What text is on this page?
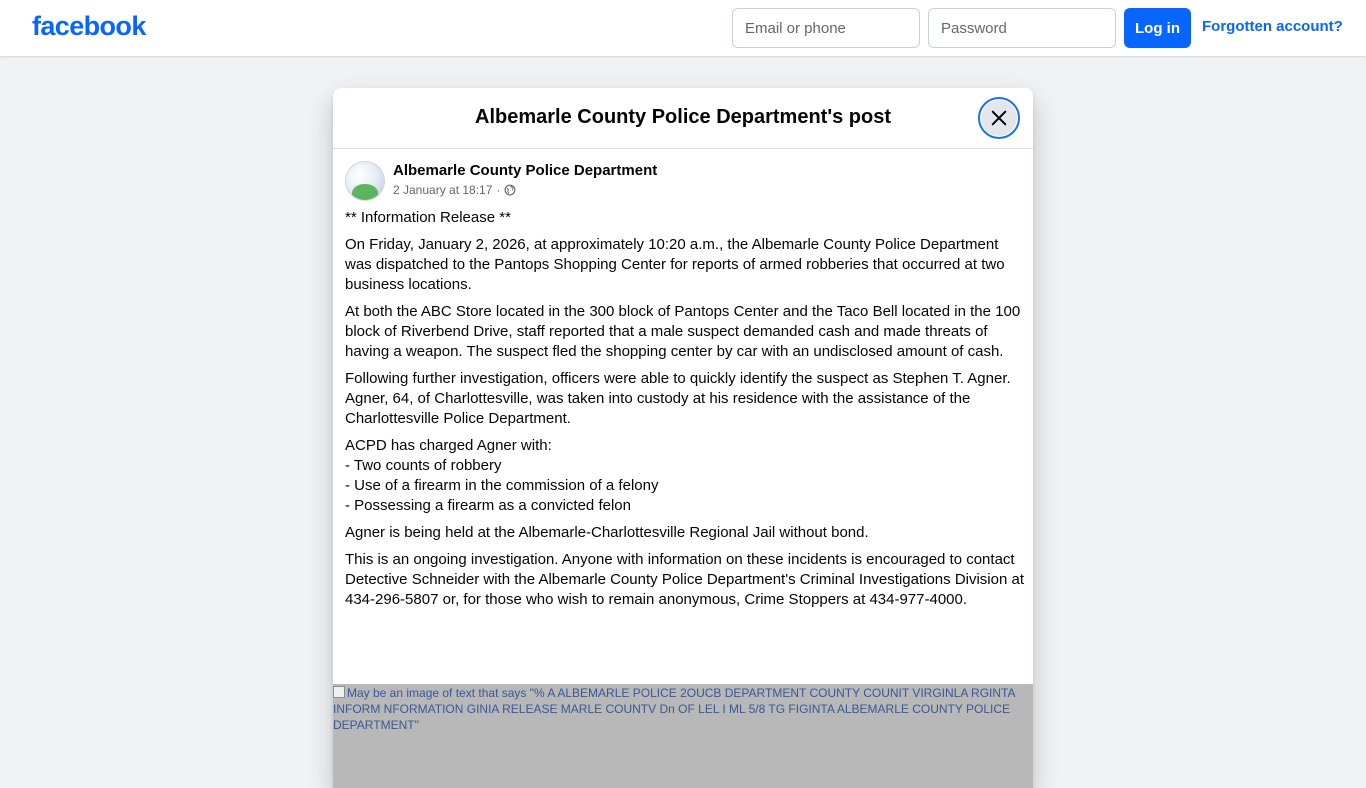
facebook
Email or phone	Log in	Forgotten account?
Albemarle County Police Department's post
Albemarle County Police Department
2 January at 18:17 ·

** Information Release **

On Friday, January 2, 2026, at approximately 10:20 a.m., the Albemarle County Police Department was dispatched to the Pantops Shopping Center for reports of armed robberies that occurred at two business locations.

At both the ABC Store located in the 300 block of Pantops Center and the Taco Bell located in the 100 block of Riverbend Drive, staff reported that a male suspect demanded cash and made threats of having a weapon. The suspect fled the shopping center by car with an undisclosed amount of cash.

Following further investigation, officers were able to quickly identify the suspect as Stephen T. Agner. Agner, 64, of Charlottesville, was taken into custody at his residence with the assistance of the Charlottesville Police Department.

ACPD has charged Agner with:
- Two counts of robbery
- Use of a firearm in the commission of a felony
- Possessing a firearm as a convicted felon

Agner is being held at the Albemarle-Charlottesville Regional Jail without bond.

This is an ongoing investigation. Anyone with information on these incidents is encouraged to contact Detective Schneider with the Albemarle County Police Department's Criminal Investigations Division at 434-296-5807 or, for those who wish to remain anonymous, Crime Stoppers at 434-977-4000.

May be an image of text that says "% A ALBEMARLE POLICE 2OUCB DEPARTMENT COUNTY COUNIT VIRGINLA RGINTA INFORM NFORMATION GINIA RELEASE MARLE COUNTV Dn OF LEL I ML 5/8 TG FIGINTA ALBEMARLE COUNTY POLICE DEPARTMENT"
